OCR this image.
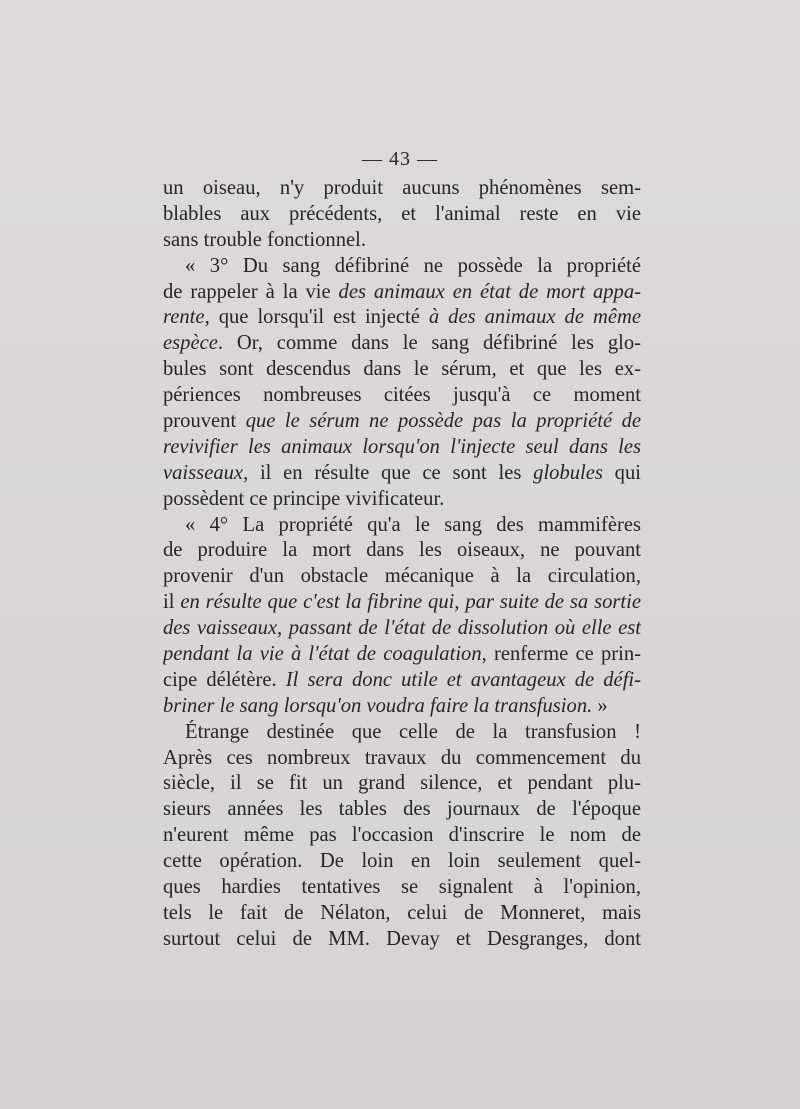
— 43 —
un oiseau, n'y produit aucuns phénomènes sem-
blables aux précédents, et l'animal reste en vie
sans trouble fonctionnel.
« 3° Du sang défibriné ne possède la propriété
de rappeler à la vie des animaux en état de mort appa-
rente, que lorsqu'il est injecté à des animaux de même
espèce. Or, comme dans le sang défibriné les glo-
bules sont descendus dans le sérum, et que les ex-
périences nombreuses citées jusqu'à ce moment
prouvent que le sérum ne possède pas la propriété de
revivifier les animaux lorsqu'on l'injecte seul dans les
vaisseaux, il en résulte que ce sont les globules qui
possèdent ce principe vivificateur.
« 4° La propriété qu'a le sang des mammifères
de produire la mort dans les oiseaux, ne pouvant
provenir d'un obstacle mécanique à la circulation,
il en résulte que c'est la fibrine qui, par suite de sa sortie
des vaisseaux, passant de l'état de dissolution où elle est
pendant la vie à l'état de coagulation, renferme ce prin-
cipe délétère. Il sera donc utile et avantageux de défi-
briner le sang lorsqu'on voudra faire la transfusion. »
Étrange destinée que celle de la transfusion !
Après ces nombreux travaux du commencement du
siècle, il se fit un grand silence, et pendant plu-
sieurs années les tables des journaux de l'époque
n'eurent même pas l'occasion d'inscrire le nom de
cette opération. De loin en loin seulement quel-
ques hardies tentatives se signalent à l'opinion,
tels le fait de Nélaton, celui de Monneret, mais
surtout celui de MM. Devay et Desgranges, dont
